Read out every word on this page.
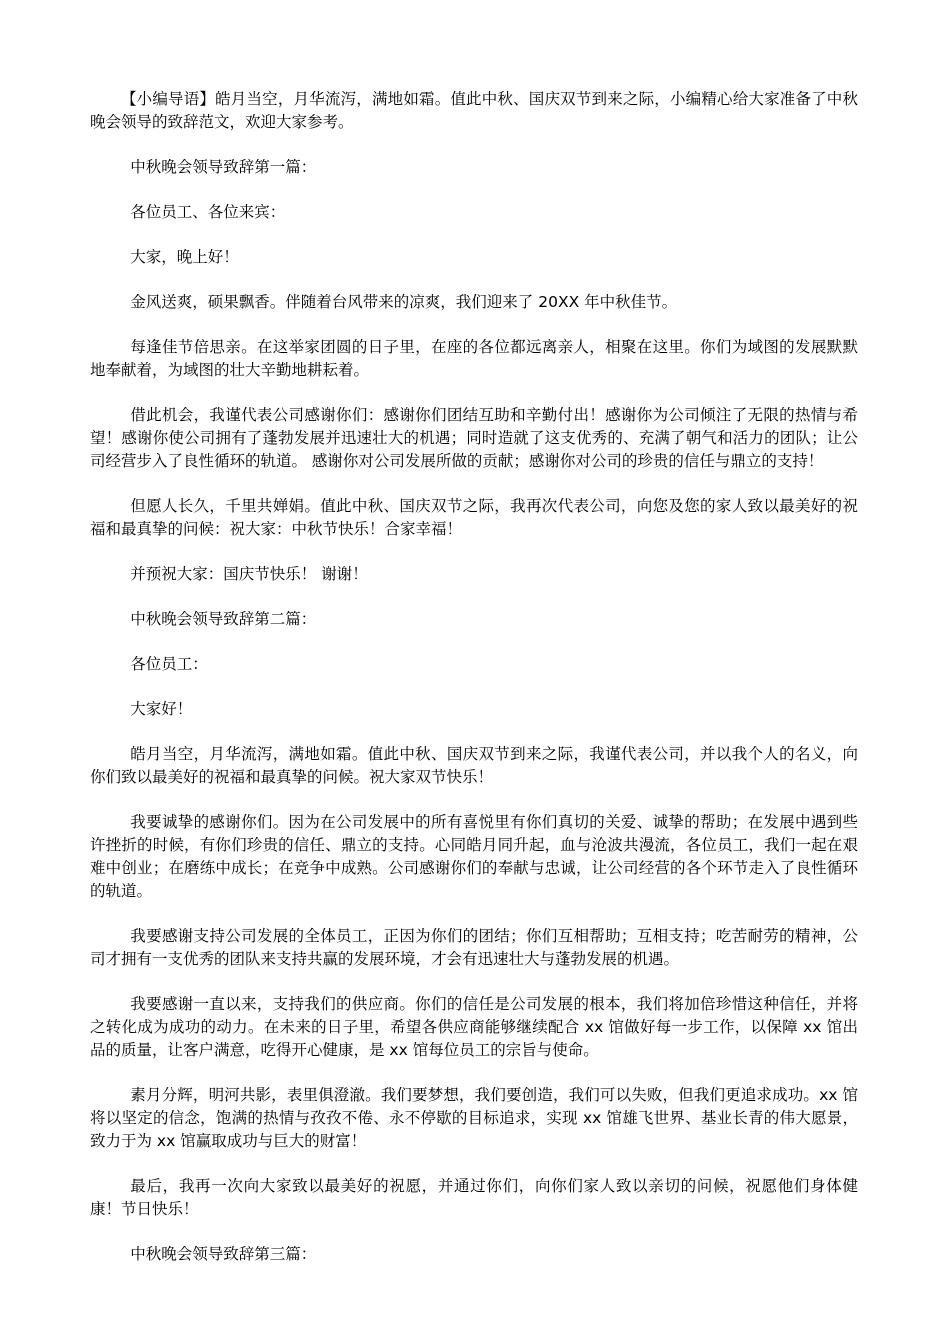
【小编导语】皓月当空，月华流泻，满地如霜。值此中秋、国庆双节到来之际，小编精心给大家准备了中秋晚会领导的致辞范文，欢迎大家参考。

中秋晚会领导致辞第一篇：

各位员工、各位来宾：

大家，晚上好！

金风送爽，硕果飘香。伴随着台风带来的凉爽，我们迎来了 20XX 年中秋佳节。

每逢佳节倍思亲。在这举家团圆的日子里，在座的各位都远离亲人，相聚在这里。你们为域图的发展默默地奉献着，为域图的壮大辛勤地耕耘着。

借此机会，我谨代表公司感谢你们：感谢你们团结互助和辛勤付出！感谢你为公司倾注了无限的热情与希望！感谢你使公司拥有了蓬勃发展并迅速壮大的机遇；同时造就了这支优秀的、充满了朝气和活力的团队；让公司经营步入了良性循环的轨道。 感谢你对公司发展所做的贡献；感谢你对公司的珍贵的信任与鼎立的支持！

但愿人长久，千里共婵娟。值此中秋、国庆双节之际，我再次代表公司，向您及您的家人致以最美好的祝福和最真挚的问候：祝大家：中秋节快乐！合家幸福！

并预祝大家：国庆节快乐！ 谢谢！

中秋晚会领导致辞第二篇：

各位员工：

大家好！

皓月当空，月华流泻，满地如霜。值此中秋、国庆双节到来之际，我谨代表公司，并以我个人的名义，向你们致以最美好的祝福和最真挚的问候。祝大家双节快乐！

我要诚挚的感谢你们。因为在公司发展中的所有喜悦里有你们真切的关爱、诚挚的帮助；在发展中遇到些许挫折的时候，有你们珍贵的信任、鼎立的支持。心同皓月同升起，血与沧波共漫流，各位员工，我们一起在艰难中创业；在磨练中成长；在竞争中成熟。公司感谢你们的奉献与忠诚，让公司经营的各个环节走入了良性循环的轨道。

我要感谢支持公司发展的全体员工，正因为你们的团结；你们互相帮助；互相支持；吃苦耐劳的精神，公司才拥有一支优秀的团队来支持共赢的发展环境，才会有迅速壮大与蓬勃发展的机遇。

我要感谢一直以来，支持我们的供应商。你们的信任是公司发展的根本，我们将加倍珍惜这种信任，并将之转化成为成功的动力。在未来的日子里，希望各供应商能够继续配合 xx 馆做好每一步工作，以保障 xx 馆出品的质量，让客户满意，吃得开心健康，是 xx 馆每位员工的宗旨与使命。

素月分辉，明河共影，表里俱澄澈。我们要梦想，我们要创造，我们可以失败，但我们更追求成功。xx 馆将以坚定的信念，饱满的热情与孜孜不倦、永不停歇的目标追求，实现 xx 馆雄飞世界、基业长青的伟大愿景，致力于为 xx 馆赢取成功与巨大的财富！

最后，我再一次向大家致以最美好的祝愿，并通过你们，向你们家人致以亲切的问候，祝愿他们身体健康！节日快乐！

中秋晚会领导致辞第三篇：
